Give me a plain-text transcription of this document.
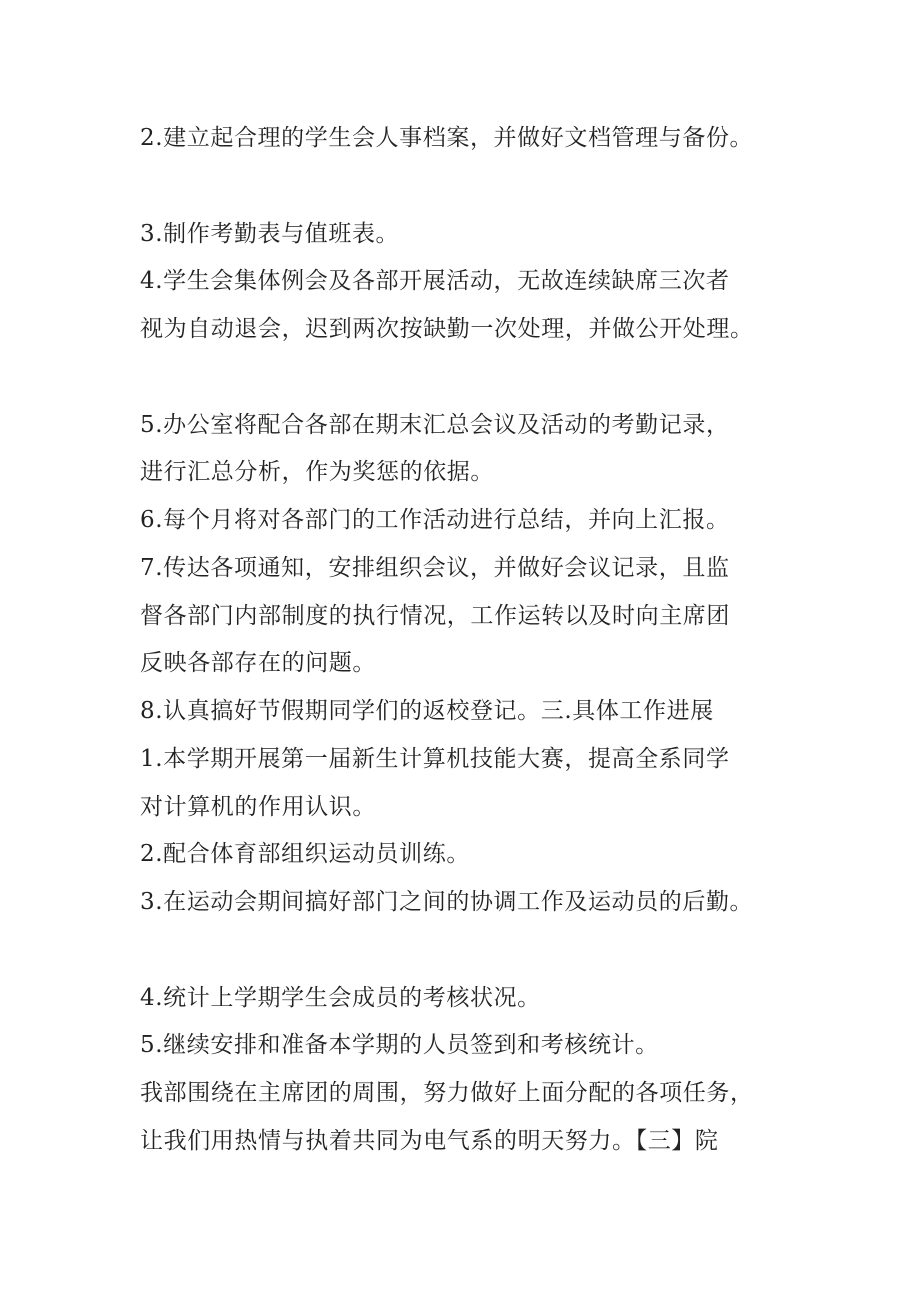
2.建立起合理的学生会人事档案，并做好文档管理与备份。
3.制作考勤表与值班表。
4.学生会集体例会及各部开展活动，无故连续缺席三次者
视为自动退会，迟到两次按缺勤一次处理，并做公开处理。
5.办公室将配合各部在期末汇总会议及活动的考勤记录，
进行汇总分析，作为奖惩的依据。
6.每个月将对各部门的工作活动进行总结，并向上汇报。
7.传达各项通知，安排组织会议，并做好会议记录，且监
督各部门内部制度的执行情况，工作运转以及时向主席团
反映各部存在的问题。
8.认真搞好节假期同学们的返校登记。三.具体工作进展
1.本学期开展第一届新生计算机技能大赛，提高全系同学
对计算机的作用认识。
2.配合体育部组织运动员训练。
3.在运动会期间搞好部门之间的协调工作及运动员的后勤。
4.统计上学期学生会成员的考核状况。
5.继续安排和准备本学期的人员签到和考核统计。
我部围绕在主席团的周围，努力做好上面分配的各项任务，
让我们用热情与执着共同为电气系的明天努力。【三】院
